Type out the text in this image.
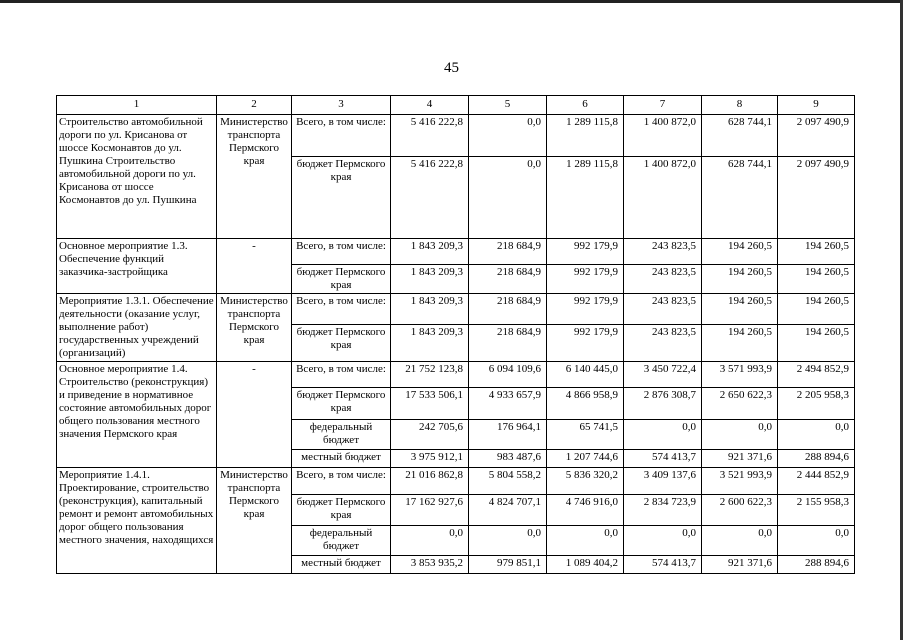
45
1	2	3	4	5	6	7	8	9
Строительство автомобильной дороги по ул. Крисанова от шоссе Космонавтов до ул. Пушкина Строительство автомобильной дороги по ул. Крисанова от шоссе Космонавтов до ул. Пушкина	Министерство транспорта Пермского края	Всего, в том числе:	5 416 222,8	0,0	1 289 115,8	1 400 872,0	628 744,1	2 097 490,9
		бюджет Пермского края	5 416 222,8	0,0	1 289 115,8	1 400 872,0	628 744,1	2 097 490,9
Основное мероприятие 1.3. Обеспечение функций заказчика-застройщика	-	Всего, в том числе:	1 843 209,3	218 684,9	992 179,9	243 823,5	194 260,5	194 260,5
		бюджет Пермского края	1 843 209,3	218 684,9	992 179,9	243 823,5	194 260,5	194 260,5
Мероприятие 1.3.1. Обеспечение деятельности (оказание услуг, выполнение работ) государственных учреждений (организаций)	Министерство транспорта Пермского края	Всего, в том числе:	1 843 209,3	218 684,9	992 179,9	243 823,5	194 260,5	194 260,5
		бюджет Пермского края	1 843 209,3	218 684,9	992 179,9	243 823,5	194 260,5	194 260,5
Основное мероприятие 1.4. Строительство (реконструкция) и приведение в нормативное состояние автомобильных дорог общего пользования местного значения Пермского края	-	Всего, в том числе:	21 752 123,8	6 094 109,6	6 140 445,0	3 450 722,4	3 571 993,9	2 494 852,9
		бюджет Пермского края	17 533 506,1	4 933 657,9	4 866 958,9	2 876 308,7	2 650 622,3	2 205 958,3
		федеральный бюджет	242 705,6	176 964,1	65 741,5	0,0	0,0	0,0
		местный бюджет	3 975 912,1	983 487,6	1 207 744,6	574 413,7	921 371,6	288 894,6
Мероприятие 1.4.1. Проектирование, строительство (реконструкция), капитальный ремонт и ремонт автомобильных дорог общего пользования местного значения, находящихся	Министерство транспорта Пермского края	Всего, в том числе:	21 016 862,8	5 804 558,2	5 836 320,2	3 409 137,6	3 521 993,9	2 444 852,9
		бюджет Пермского края	17 162 927,6	4 824 707,1	4 746 916,0	2 834 723,9	2 600 622,3	2 155 958,3
		федеральный бюджет	0,0	0,0	0,0	0,0	0,0	0,0
		местный бюджет	3 853 935,2	979 851,1	1 089 404,2	574 413,7	921 371,6	288 894,6
